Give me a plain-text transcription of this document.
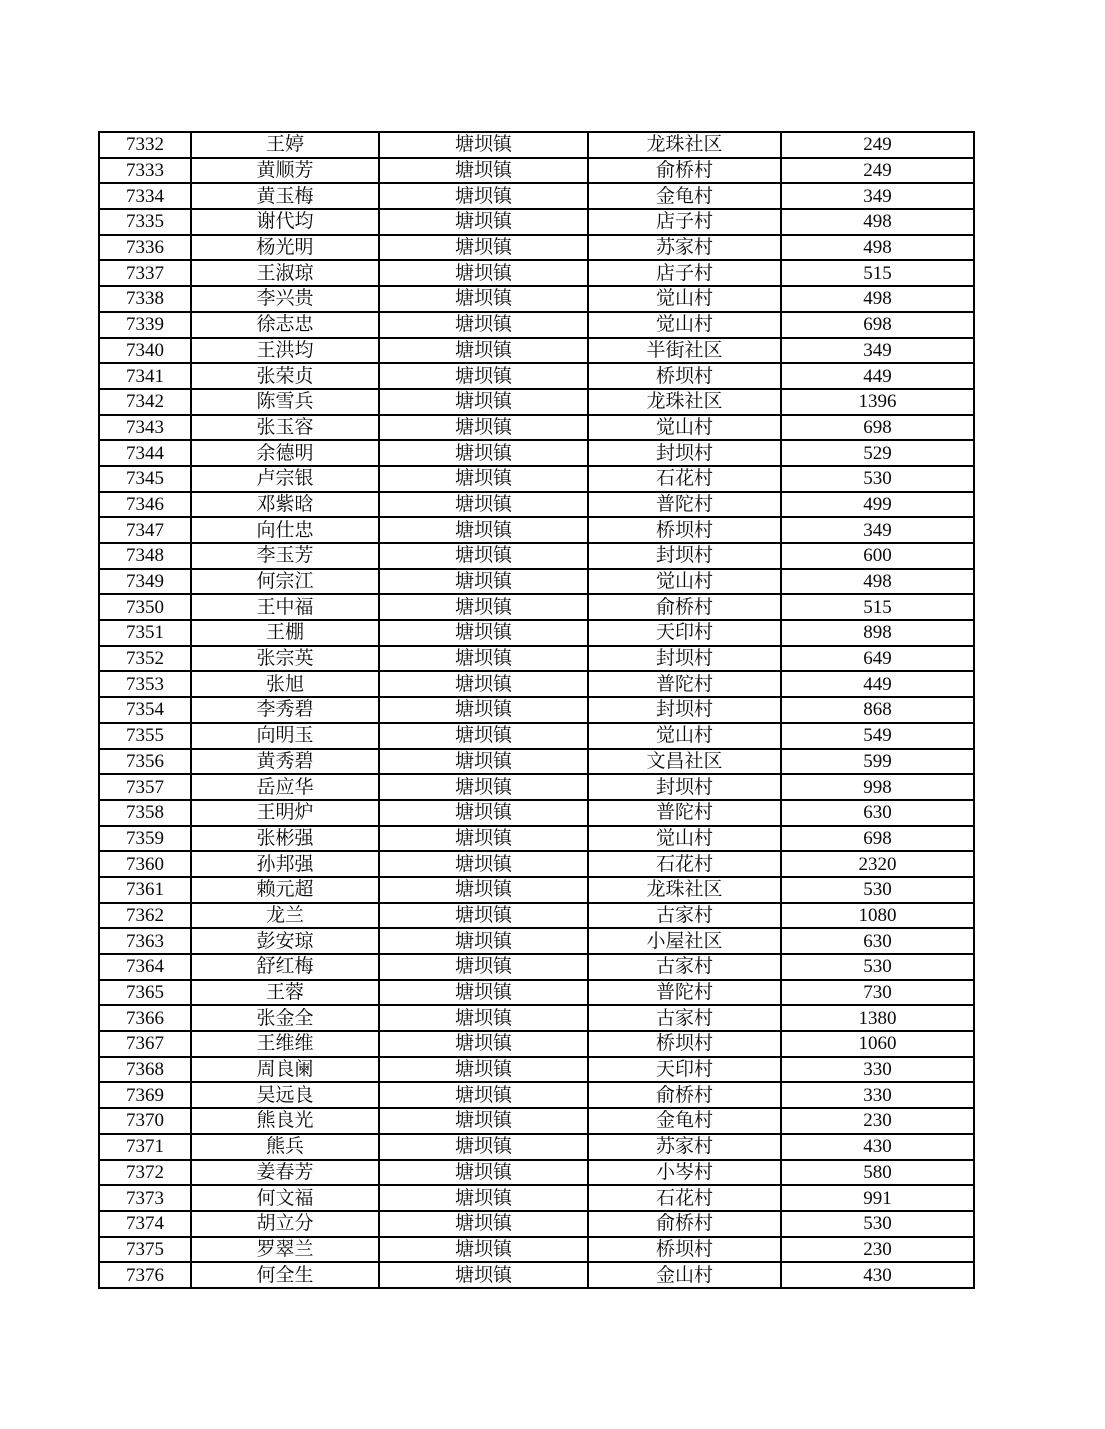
7332	王婷	塘坝镇	龙珠社区	249
7333	黄顺芳	塘坝镇	俞桥村	249
7334	黄玉梅	塘坝镇	金龟村	349
7335	谢代均	塘坝镇	店子村	498
7336	杨光明	塘坝镇	苏家村	498
7337	王淑琼	塘坝镇	店子村	515
7338	李兴贵	塘坝镇	觉山村	498
7339	徐志忠	塘坝镇	觉山村	698
7340	王洪均	塘坝镇	半街社区	349
7341	张荣贞	塘坝镇	桥坝村	449
7342	陈雪兵	塘坝镇	龙珠社区	1396
7343	张玉容	塘坝镇	觉山村	698
7344	余德明	塘坝镇	封坝村	529
7345	卢宗银	塘坝镇	石花村	530
7346	邓紫晗	塘坝镇	普陀村	499
7347	向仕忠	塘坝镇	桥坝村	349
7348	李玉芳	塘坝镇	封坝村	600
7349	何宗江	塘坝镇	觉山村	498
7350	王中福	塘坝镇	俞桥村	515
7351	王棚	塘坝镇	天印村	898
7352	张宗英	塘坝镇	封坝村	649
7353	张旭	塘坝镇	普陀村	449
7354	李秀碧	塘坝镇	封坝村	868
7355	向明玉	塘坝镇	觉山村	549
7356	黄秀碧	塘坝镇	文昌社区	599
7357	岳应华	塘坝镇	封坝村	998
7358	王明炉	塘坝镇	普陀村	630
7359	张彬强	塘坝镇	觉山村	698
7360	孙邦强	塘坝镇	石花村	2320
7361	赖元超	塘坝镇	龙珠社区	530
7362	龙兰	塘坝镇	古家村	1080
7363	彭安琼	塘坝镇	小屋社区	630
7364	舒红梅	塘坝镇	古家村	530
7365	王蓉	塘坝镇	普陀村	730
7366	张金全	塘坝镇	古家村	1380
7367	王维维	塘坝镇	桥坝村	1060
7368	周良阑	塘坝镇	天印村	330
7369	吴远良	塘坝镇	俞桥村	330
7370	熊良光	塘坝镇	金龟村	230
7371	熊兵	塘坝镇	苏家村	430
7372	姜春芳	塘坝镇	小岑村	580
7373	何文福	塘坝镇	石花村	991
7374	胡立分	塘坝镇	俞桥村	530
7375	罗翠兰	塘坝镇	桥坝村	230
7376	何全生	塘坝镇	金山村	430
